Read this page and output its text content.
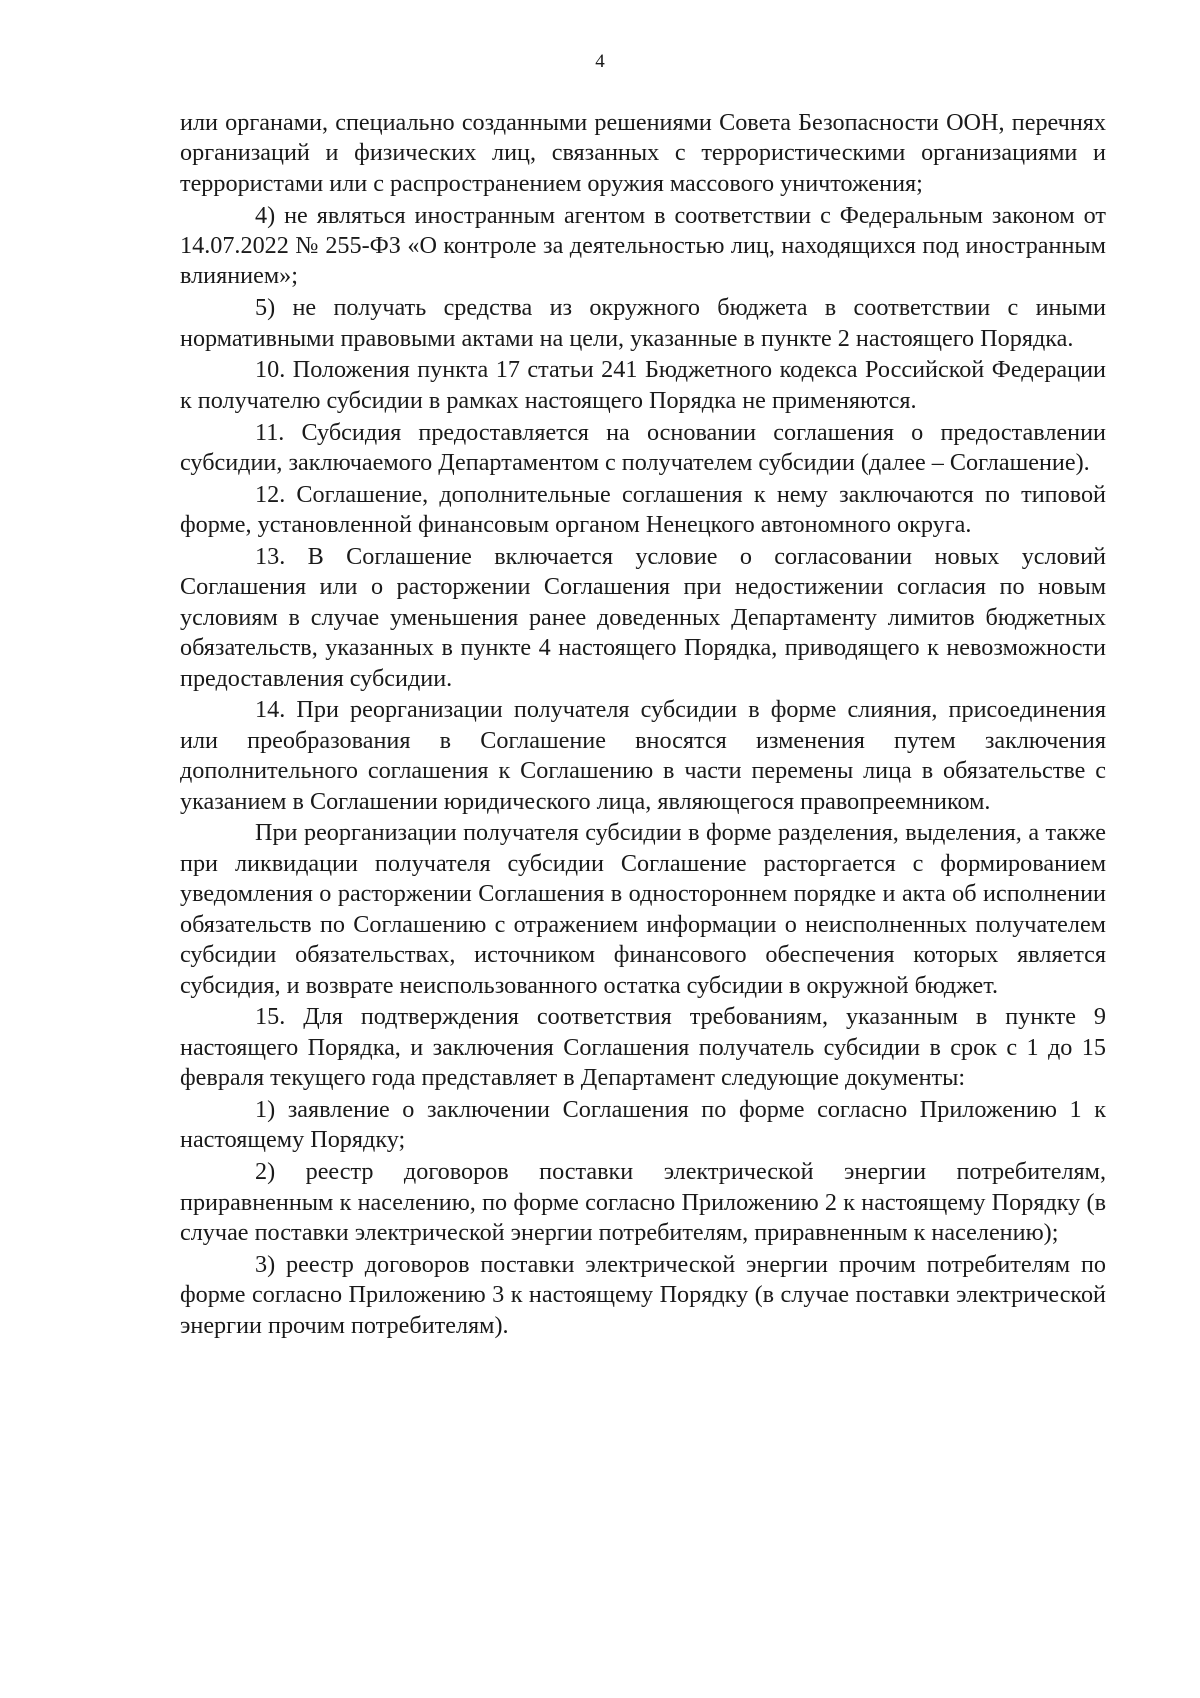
4

или органами, специально созданными решениями Совета Безопасности ООН, перечнях организаций и физических лиц, связанных с террористическими организациями и террористами или с распространением оружия массового уничтожения;

4) не являться иностранным агентом в соответствии с Федеральным законом от 14.07.2022 № 255-ФЗ «О контроле за деятельностью лиц, находящихся под иностранным влиянием»;

5) не получать средства из окружного бюджета в соответствии с иными нормативными правовыми актами на цели, указанные в пункте 2 настоящего Порядка.

10. Положения пункта 17 статьи 241 Бюджетного кодекса Российской Федерации к получателю субсидии в рамках настоящего Порядка не применяются.

11. Субсидия предоставляется на основании соглашения о предоставлении субсидии, заключаемого Департаментом с получателем субсидии (далее – Соглашение).

12. Соглашение, дополнительные соглашения к нему заключаются по типовой форме, установленной финансовым органом Ненецкого автономного округа.

13. В Соглашение включается условие о согласовании новых условий Соглашения или о расторжении Соглашения при недостижении согласия по новым условиям в случае уменьшения ранее доведенных Департаменту лимитов бюджетных обязательств, указанных в пункте 4 настоящего Порядка, приводящего к невозможности предоставления субсидии.

14. При реорганизации получателя субсидии в форме слияния, присоединения или преобразования в Соглашение вносятся изменения путем заключения дополнительного соглашения к Соглашению в части перемены лица в обязательстве с указанием в Соглашении юридического лица, являющегося правопреемником.

При реорганизации получателя субсидии в форме разделения, выделения, а также при ликвидации получателя субсидии Соглашение расторгается с формированием уведомления о расторжении Соглашения в одностороннем порядке и акта об исполнении обязательств по Соглашению с отражением информации о неисполненных получателем субсидии обязательствах, источником финансового обеспечения которых является субсидия, и возврате неиспользованного остатка субсидии в окружной бюджет.

15. Для подтверждения соответствия требованиям, указанным в пункте 9 настоящего Порядка, и заключения Соглашения получатель субсидии в срок с 1 до 15 февраля текущего года представляет в Департамент следующие документы:

1) заявление о заключении Соглашения по форме согласно Приложению 1 к настоящему Порядку;

2) реестр договоров поставки электрической энергии потребителям, приравненным к населению, по форме согласно Приложению 2 к настоящему Порядку (в случае поставки электрической энергии потребителям, приравненным к населению);

3) реестр договоров поставки электрической энергии прочим потребителям по форме согласно Приложению 3 к настоящему Порядку (в случае поставки электрической энергии прочим потребителям).
